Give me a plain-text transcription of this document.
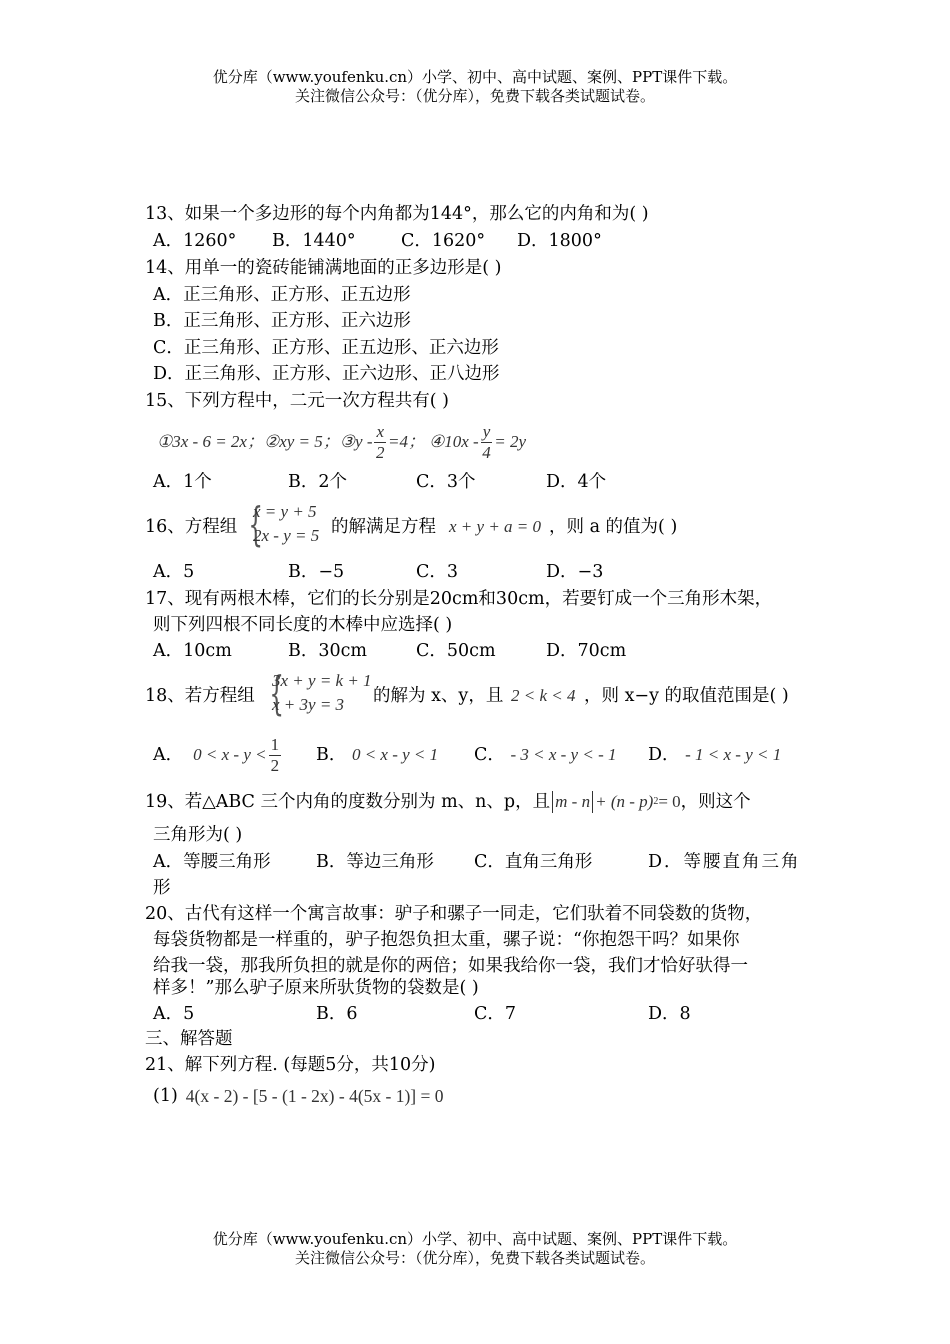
优分库（www.youfenku.cn）小学、初中、高中试题、案例、PPT课件下载。
关注微信公众号：（优分库），免费下载各类试题试卷。
13、如果一个多边形的每个内角都为144°，那么它的内角和为( )
A．1260° B．1440°	C．1620° D．1800°
14、用单一的瓷砖能铺满地面的正多边形是( )
A．正三角形、正方形、正五边形
B．正三角形、正方形、正六边形
C．正三角形、正方形、正五边形、正六边形
D．正三角形、正方形、正六边形、正八边形
15、下列方程中，二元一次方程共有( )
①3x - 6 = 2x； ②xy = 5； ③y - $\frac{x}{2} =4$； ④10x - $\frac{y}{4} = 2y$
A．1个	B．2个	C．3个	D．4个
16、方程组 {
x = y + 5
2x - y = 5 的解满足方程 x + y + a = 0 ，则 a 的值为( )
A．5	B．−5	C．3	D．−3
17、现有两根木棒，它们的长分别是20cm和30cm，若要钉成一个三角形木架，
则下列四根不同长度的木棒中应选择( )
A．10cm	B．30cm	C．50cm	D．70cm
18、若方程组 {
3x + y = k + 1
x + 3y = 3	的解为 x、y，且 2 < k < 4 ，则 x−y 的取值范围是( )
A． $0 < x - y < \frac{1}{2}$ B． 0 < x - y < 1 C． - 3 < x - y < - 1 D． - 1 < x - y < 1
19、若△ABC 三个内角的度数分别为 m、n、p，且 m - n + (n - p) 2 = 0 ，则这个
三角形为( )
A．等腰三角形	B．等边三角形 C．直角三角形	D．等腰直角三角
形
20、古代有这样一个寓言故事：驴子和骡子一同走，它们驮着不同袋数的货物，
每袋货物都是一样重的，驴子抱怨负担太重，骡子说：“你抱怨干吗？如果你
给我一袋，那我所负担的就是你的两倍；如果我给你一袋，我们才恰好驮得一
样多！”那么驴子原来所驮货物的袋数是( )
A．5	B．6	C．7	D．8
三、解答题
21、解下列方程. (每题5分，共10分)
(1) 4(x - 2) - [5 - (1 - 2x) - 4(5x - 1)] = 0
优分库（www.youfenku.cn）小学、初中、高中试题、案例、PPT课件下载。
关注微信公众号：（优分库），免费下载各类试题试卷。
